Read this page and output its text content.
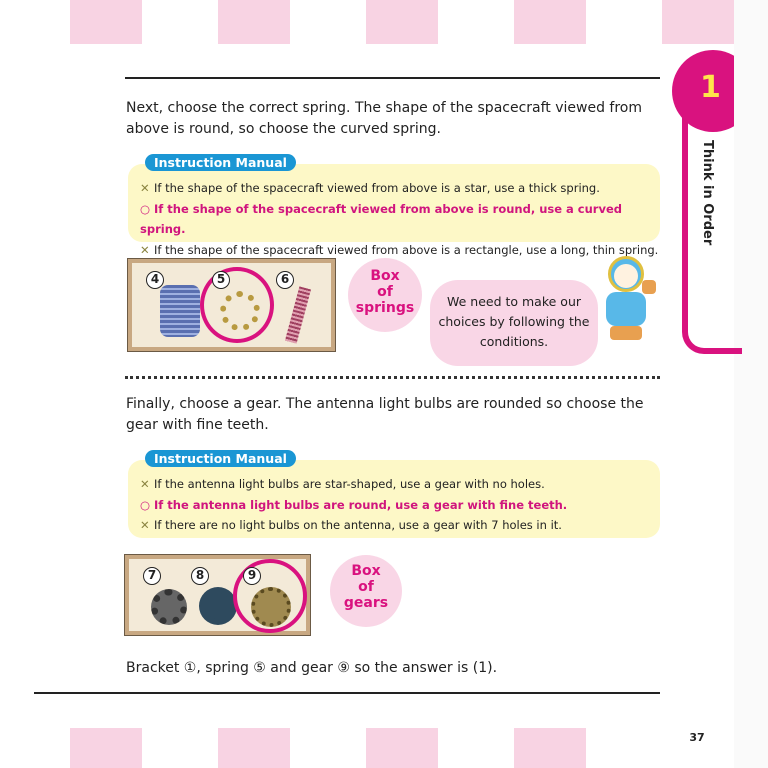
1
Think in Order
Next, choose the correct spring. The shape of the spacecraft viewed from above is round, so choose the curved spring.
✕ If the shape of the spacecraft viewed from above is a star, use a thick spring.
○ If the shape of the spacecraft viewed from above is round, use a curved spring.
✕ If the shape of the spacecraft viewed from above is a rectangle, use a long, thin spring.
Instruction Manual
4	5	6	Box
of
springs	We need to make our choices by following the conditions.
Finally, choose a gear. The antenna light bulbs are rounded so choose the gear with fine teeth.
✕ If the antenna light bulbs are star-shaped, use a gear with no holes.
○ If the antenna light bulbs are round, use a gear with fine teeth.
✕ If there are no light bulbs on the antenna, use a gear with 7 holes in it.
Instruction Manual
7	8	9	Box
of
gears
Bracket ①, spring ⑤ and gear ⑨ so the answer is (1).
37
